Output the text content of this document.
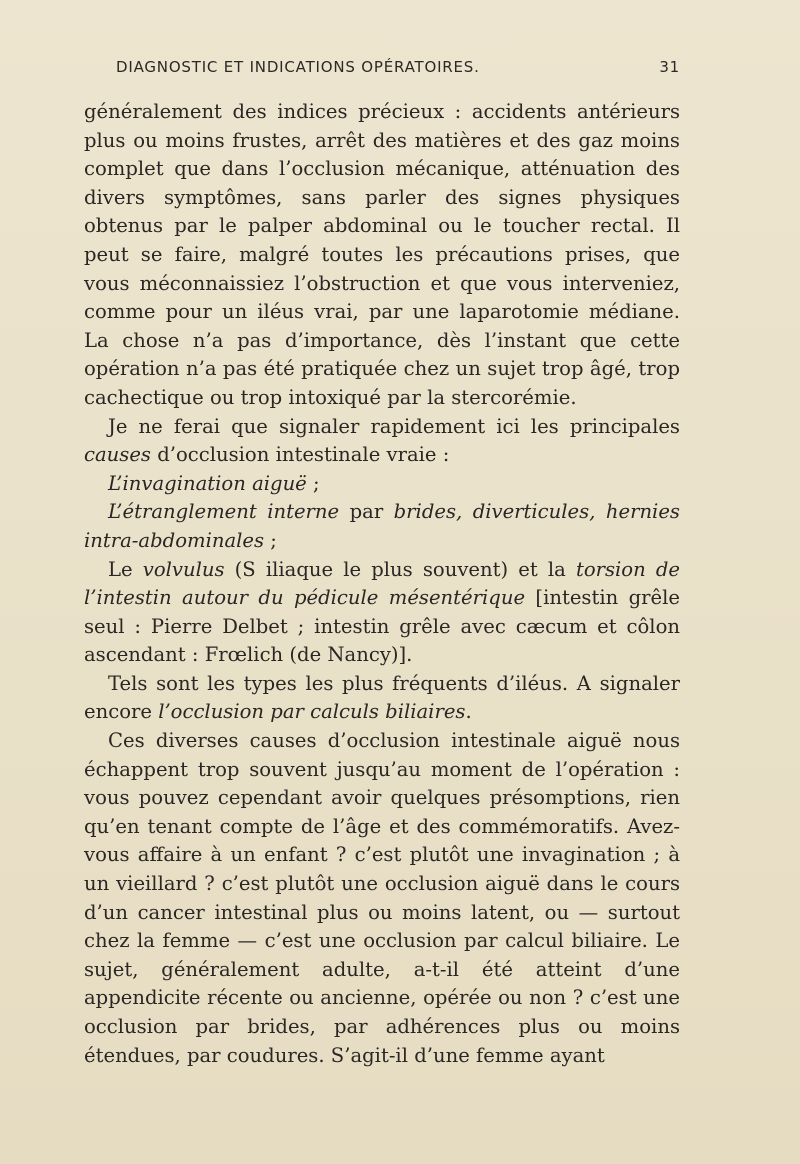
DIAGNOSTIC ET INDICATIONS OPÉRATOIRES.	31

généralement des indices précieux : accidents antérieurs plus ou moins frustes, arrêt des matières et des gaz moins complet que dans l’occlusion mécanique, atténuation des divers symptômes, sans parler des signes physiques obtenus par le palper abdominal ou le toucher rectal. Il peut se faire, malgré toutes les précautions prises, que vous méconnaissiez l’obstruction et que vous interveniez, comme pour un iléus vrai, par une laparotomie médiane. La chose n’a pas d’importance, dès l’instant que cette opération n’a pas été pratiquée chez un sujet trop âgé, trop cachectique ou trop intoxiqué par la stercorémie.

Je ne ferai que signaler rapidement ici les principales causes d’occlusion intestinale vraie :

L’invagination aiguë ;

L’étranglement interne par brides, diverticules, hernies intra-abdominales ;

Le volvulus (S iliaque le plus souvent) et la torsion de l’intestin autour du pédicule mésentérique [intestin grêle seul : Pierre Delbet ; intestin grêle avec cæcum et côlon ascendant : Frœlich (de Nancy)].

Tels sont les types les plus fréquents d’iléus. A signaler encore l’occlusion par calculs biliaires.

Ces diverses causes d’occlusion intestinale aiguë nous échappent trop souvent jusqu’au moment de l’opération : vous pouvez cependant avoir quelques présomptions, rien qu’en tenant compte de l’âge et des commémoratifs. Avez-vous affaire à un enfant ? c’est plutôt une invagination ; à un vieillard ? c’est plutôt une occlusion aiguë dans le cours d’un cancer intestinal plus ou moins latent, ou — surtout chez la femme — c’est une occlusion par calcul biliaire. Le sujet, généralement adulte, a-t-il été atteint d’une appendicite récente ou ancienne, opérée ou non ? c’est une occlusion par brides, par adhérences plus ou moins étendues, par coudures. S’agit-il d’une femme ayant
